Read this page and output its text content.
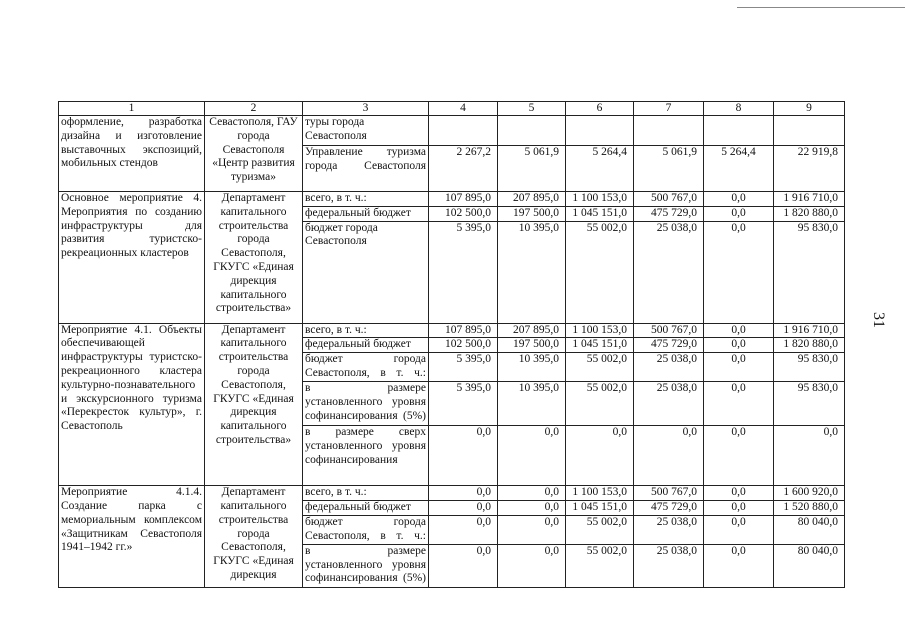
31
1	2	3	4	5	6	7	8	9
оформление, разработка дизайна и изготовление выставочных экспозиций, мобильных стендов	Севастополя, ГАУ города Севастополя «Центр развития туризма»	туры города Севастополя						
		Управление туризма города Севастополя	2 267,2	5 061,9	5 264,4	5 061,9	5 264,4	22 919,8
Основное мероприятие 4. Мероприятия по созданию инфраструктуры для развития туристско-рекреационных кластеров	Департамент капитального строительства города Севастополя, ГКУГС «Единая дирекция капитального строительства»	всего, в т. ч.:	107 895,0	207 895,0	1 100 153,0	500 767,0	0,0	1 916 710,0
		федеральный бюджет	102 500,0	197 500,0	1 045 151,0	475 729,0	0,0	1 820 880,0
		бюджет города Севастополя	5 395,0	10 395,0	55 002,0	25 038,0	0,0	95 830,0
Мероприятие 4.1. Объекты обеспечивающей инфраструктуры туристско-рекреационного кластера культурно-познавательного и экскурсионного туризма «Перекресток культур», г. Севастополь	Департамент капитального строительства города Севастополя, ГКУГС «Единая дирекция капитального строительства»	всего, в т. ч.:	107 895,0	207 895,0	1 100 153,0	500 767,0	0,0	1 916 710,0
		федеральный бюджет	102 500,0	197 500,0	1 045 151,0	475 729,0	0,0	1 820 880,0
		бюджет города Севастополя, в т. ч.:	5 395,0	10 395,0	55 002,0	25 038,0	0,0	95 830,0
		в размере установленного уровня софинансирования (5%)	5 395,0	10 395,0	55 002,0	25 038,0	0,0	95 830,0
		в размере сверх установленного уровня софинансирования	0,0	0,0	0,0	0,0	0,0	0,0
Мероприятие 4.1.4. Создание парка с мемориальным комплексом «Защитникам Севастополя 1941–1942 гг.»	Департамент капитального строительства города Севастополя, ГКУГС «Единая дирекция	всего, в т. ч.:	0,0	0,0	1 100 153,0	500 767,0	0,0	1 600 920,0
		федеральный бюджет	0,0	0,0	1 045 151,0	475 729,0	0,0	1 520 880,0
		бюджет города Севастополя, в т. ч.:	0,0	0,0	55 002,0	25 038,0	0,0	80 040,0
		в размере установленного уровня софинансирования (5%)	0,0	0,0	55 002,0	25 038,0	0,0	80 040,0
